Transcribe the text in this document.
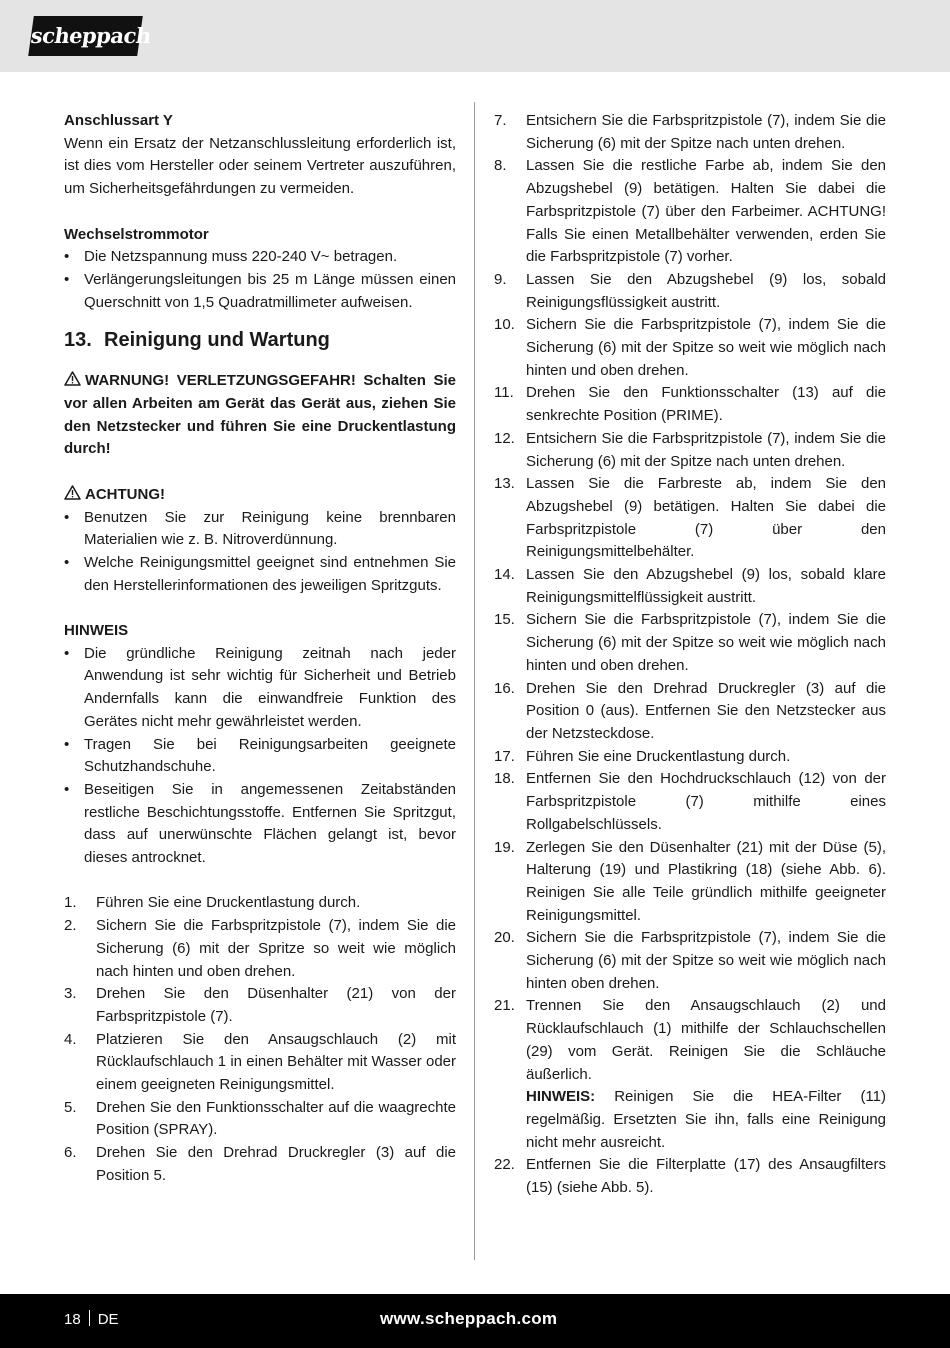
scheppach

Anschlussart Y

Wenn ein Ersatz der Netzanschlussleitung erforderlich ist, ist dies vom Hersteller oder seinem Vertreter auszuführen, um Sicherheitsgefährdungen zu vermeiden.

Wechselstrommotor

• Die Netzspannung muss 220-240 V~ betragen.
• Verlängerungsleitungen bis 25 m Länge müssen einen Querschnitt von 1,5 Quadratmillimeter aufweisen.
13. Reinigung und Wartung

WARNUNG! VERLETZUNGSGEFAHR! Schalten Sie vor allen Arbeiten am Gerät das Gerät aus, ziehen Sie den Netzstecker und führen Sie eine Druckentlastung durch!

ACHTUNG!

• Benutzen Sie zur Reinigung keine brennbaren Materialien wie z. B. Nitroverdünnung.
• Welche Reinigungsmittel geeignet sind entnehmen Sie den Herstellerinformationen des jeweiligen Spritzguts.

HINWEIS

• Die gründliche Reinigung zeitnah nach jeder Anwendung ist sehr wichtig für Sicherheit und Betrieb Andernfalls kann die einwandfreie Funktion des Gerätes nicht mehr gewährleistet werden.
• Tragen Sie bei Reinigungsarbeiten geeignete Schutzhandschuhe.
• Beseitigen Sie in angemessenen Zeitabständen restliche Beschichtungsstoffe. Entfernen Sie Spritzgut, dass auf unerwünschte Flächen gelangt ist, bevor dieses antrocknet.
1. Führen Sie eine Druckentlastung durch.
2. Sichern Sie die Farbspritzpistole (7), indem Sie die Sicherung (6) mit der Spritze so weit wie möglich nach hinten und oben drehen.
3. Drehen Sie den Düsenhalter (21) von der Farbspritzpistole (7).
4. Platzieren Sie den Ansaugschlauch (2) mit Rücklaufschlauch 1 in einen Behälter mit Wasser oder einem geeigneten Reinigungsmittel.
5. Drehen Sie den Funktionsschalter auf die waagrechte Position (SPRAY).
6. Drehen Sie den Drehrad Druckregler (3) auf die Position 5.
7. Entsichern Sie die Farbspritzpistole (7), indem Sie die Sicherung (6) mit der Spitze nach unten drehen.
8. Lassen Sie die restliche Farbe ab, indem Sie den Abzugshebel (9) betätigen. Halten Sie dabei die Farbspritzpistole (7) über den Farbeimer. ACHTUNG! Falls Sie einen Metallbehälter verwenden, erden Sie die Farbspritzpistole (7) vorher.
9. Lassen Sie den Abzugshebel (9) los, sobald Reinigungsflüssigkeit austritt.
10. Sichern Sie die Farbspritzpistole (7), indem Sie die Sicherung (6) mit der Spitze so weit wie möglich nach hinten und oben drehen.
11. Drehen Sie den Funktionsschalter (13) auf die senkrechte Position (PRIME).
12. Entsichern Sie die Farbspritzpistole (7), indem Sie die Sicherung (6) mit der Spitze nach unten drehen.
13. Lassen Sie die Farbreste ab, indem Sie den Abzugshebel (9) betätigen. Halten Sie dabei die Farbspritzpistole (7) über den Reinigungsmittelbehälter.
14. Lassen Sie den Abzugshebel (9) los, sobald klare Reinigungsmittelflüssigkeit austritt.
15. Sichern Sie die Farbspritzpistole (7), indem Sie die Sicherung (6) mit der Spitze so weit wie möglich nach hinten und oben drehen.
16. Drehen Sie den Drehrad Druckregler (3) auf die Position 0 (aus). Entfernen Sie den Netzstecker aus der Netzsteckdose.
17. Führen Sie eine Druckentlastung durch.
18. Entfernen Sie den Hochdruckschlauch (12) von der Farbspritzpistole (7) mithilfe eines Rollgabelschlüssels.
19. Zerlegen Sie den Düsenhalter (21) mit der Düse (5), Halterung (19) und Plastikring (18) (siehe Abb. 6). Reinigen Sie alle Teile gründlich mithilfe geeigneter Reinigungsmittel.
20. Sichern Sie die Farbspritzpistole (7), indem Sie die Sicherung (6) mit der Spitze so weit wie möglich nach hinten oben drehen.
21. Trennen Sie den Ansaugschlauch (2) und Rücklaufschlauch (1) mithilfe der Schlauchschellen (29) vom Gerät. Reinigen Sie die Schläuche äußerlich.
HINWEIS: Reinigen Sie die HEA-Filter (11) regelmäßig. Ersetzten Sie ihn, falls eine Reinigung nicht mehr ausreicht.
22. Entfernen Sie die Filterplatte (17) des Ansaugfilters (15) (siehe Abb. 5).
18 DE	www.scheppach.com
